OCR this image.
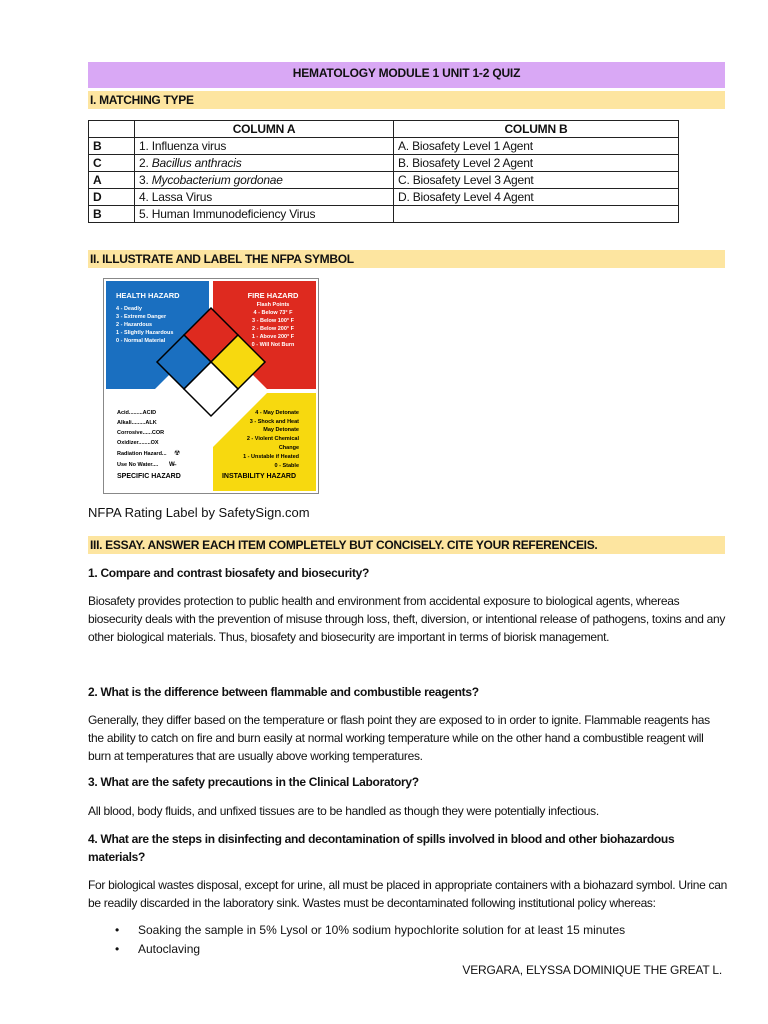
HEMATOLOGY MODULE 1 UNIT 1-2 QUIZ
I. MATCHING TYPE
	COLUMN A	COLUMN B
B	1. Influenza virus	A. Biosafety Level 1 Agent
C	2. Bacillus anthracis	B. Biosafety Level 2 Agent
A	3. Mycobacterium gordonae	C. Biosafety Level 3 Agent
D	4. Lassa Virus	D. Biosafety Level 4 Agent
B	5. Human Immunodeficiency Virus	
II. ILLUSTRATE AND LABEL THE NFPA SYMBOL
HEALTH HAZARD
4 - Deadly
3 - Extreme Danger
2 - Hazardous
1 - Slightly Hazardous
0 - Normal Material
FIRE HAZARD
Flash Points
4 - Below 73° F
3 - Below 100° F
2 - Below 200° F
1 - Above 200° F
0 - Will Not Burn
Acid.........ACID
Alkali.........ALK
Corrosive......COR
Oxidizer........OX
Radiation Hazard... ☢
Use No Water.... W̶
SPECIFIC HAZARD
4 - May Detonate
3 - Shock and Heat
May Detonate
2 - Violent Chemical
Change
1 - Unstable if Heated
0 - Stable
INSTABILITY HAZARD
NFPA Rating Label by SafetySign.com
III. ESSAY. ANSWER EACH ITEM COMPLETELY BUT CONCISELY. CITE YOUR REFERENCEIS.
1. Compare and contrast biosafety and biosecurity?
Biosafety provides protection to public health and environment from accidental exposure to biological agents, whereas biosecurity deals with the prevention of misuse through loss, theft, diversion, or intentional release of pathogens, toxins and any other biological materials. Thus, biosafety and biosecurity are important in terms of biorisk management.
2. What is the difference between flammable and combustible reagents?
Generally, they differ based on the temperature or flash point they are exposed to in order to ignite. Flammable reagents has the ability to catch on fire and burn easily at normal working temperature while on the other hand a combustible reagent will burn at temperatures that are usually above working temperatures.
3. What are the safety precautions in the Clinical Laboratory?
All blood, body fluids, and unfixed tissues are to be handled as though they were potentially infectious.
4. What are the steps in disinfecting and decontamination of spills involved in blood and other biohazardous materials?
For biological wastes disposal, except for urine, all must be placed in appropriate containers with a biohazard symbol. Urine can be readily discarded in the laboratory sink. Wastes must be decontaminated following institutional policy whereas:
• Soaking the sample in 5% Lysol or 10% sodium hypochlorite solution for at least 15 minutes
• Autoclaving
VERGARA, ELYSSA DOMINIQUE THE GREAT L.
